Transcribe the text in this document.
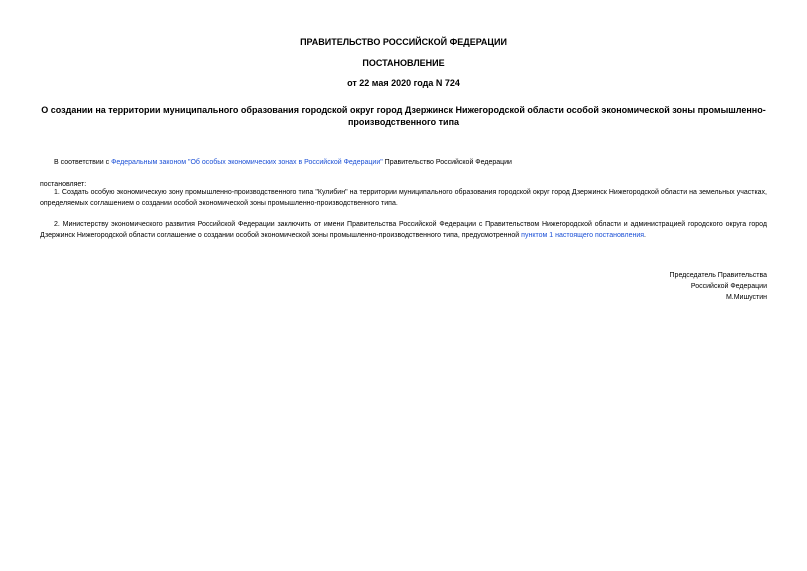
ПРАВИТЕЛЬСТВО РОССИЙСКОЙ ФЕДЕРАЦИИ
ПОСТАНОВЛЕНИЕ
от 22 мая 2020 года N 724
О создании на территории муниципального образования городской округ город Дзержинск Нижегородской области особой экономической зоны промышленно-производственного типа
В соответствии с Федеральным законом "Об особых экономических зонах в Российской Федерации" Правительство Российской Федерации
постановляет:
1. Создать особую экономическую зону промышленно-производственного типа "Кулибин" на территории муниципального образования городской округ город Дзержинск Нижегородской области на земельных участках, определяемых соглашением о создании особой экономической зоны промышленно-производственного типа.
2. Министерству экономического развития Российской Федерации заключить от имени Правительства Российской Федерации с Правительством Нижегородской области и администрацией городского округа город Дзержинск Нижегородской области соглашение о создании особой экономической зоны промышленно-производственного типа, предусмотренной пунктом 1 настоящего постановления.
Председатель Правительства
Российской Федерации
М.Мишустин
